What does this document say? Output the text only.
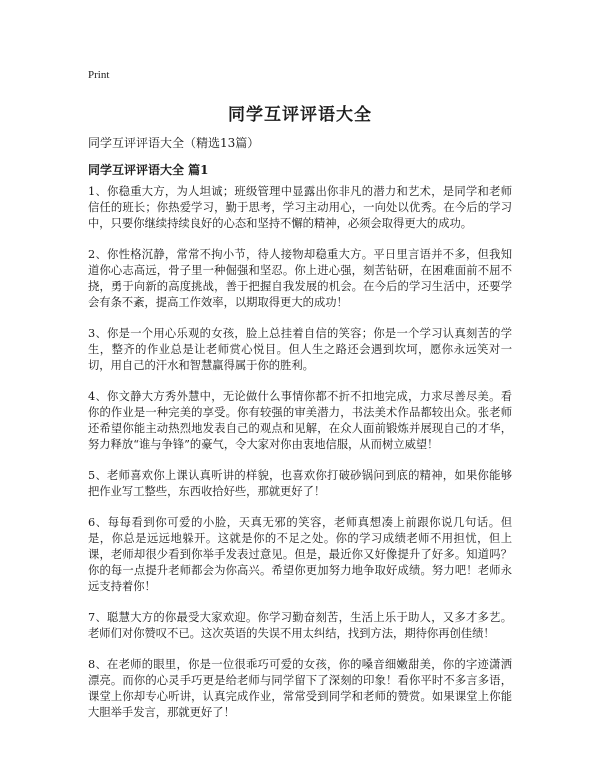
Print
同学互评评语大全

同学互评评语大全（精选13篇）

同学互评评语大全 篇1

1、你稳重大方，为人坦诚；班级管理中显露出你非凡的潜力和艺术，是同学和老师信任的班长；你热爱学习，勤于思考，学习主动用心，一向处以优秀。在今后的学习中，只要你继续持续良好的心态和坚持不懈的精神，必须会取得更大的成功。

2、你性格沉静，常常不拘小节，待人接物却稳重大方。平日里言语并不多，但我知道你心志高远，骨子里一种倔强和坚忍。你上进心强，刻苦钻研，在困难面前不屈不挠，勇于向新的高度挑战，善于把握自我发展的机会。在今后的学习生活中，还要学会有条不紊，提高工作效率，以期取得更大的成功！

3、你是一个用心乐观的女孩，脸上总挂着自信的笑容；你是一个学习认真刻苦的学生，整齐的作业总是让老师赏心悦目。但人生之路还会遇到坎坷，愿你永远笑对一切，用自己的汗水和智慧赢得属于你的胜利。

4、你文静大方秀外慧中，无论做什么事情你都不折不扣地完成，力求尽善尽美。看你的作业是一种完美的享受。你有较强的审美潜力，书法美术作品都较出众。张老师还希望你能主动热烈地发表自己的观点和见解，在众人面前锻炼并展现自己的才华，努力释放“谁与争锋”的豪气，令大家对你由衷地信服，从而树立威望！

5、老师喜欢你上课认真听讲的样貌，也喜欢你打破砂锅问到底的精神，如果你能够把作业写工整些，东西收拾好些，那就更好了！

6、每每看到你可爱的小脸，天真无邪的笑容，老师真想凑上前跟你说几句话。但是，你总是远远地躲开。这就是你的不足之处。你的学习成绩老师不用担忧，但上课，老师却很少看到你举手发表过意见。但是，最近你又好像提升了好多。知道吗？你的每一点提升老师都会为你高兴。希望你更加努力地争取好成绩。努力吧！老师永远支持着你！

7、聪慧大方的你最受大家欢迎。你学习勤奋刻苦，生活上乐于助人，又多才多艺。老师们对你赞叹不已。这次英语的失误不用太纠结，找到方法，期待你再创佳绩！

8、在老师的眼里，你是一位很乖巧可爱的女孩，你的嗓音细嫩甜美，你的字迹潇洒漂亮。而你的心灵手巧更是给老师与同学留下了深刻的印象！看你平时不多言多语，课堂上你却专心听讲，认真完成作业，常常受到同学和老师的赞赏。如果课堂上你能大胆举手发言，那就更好了！
